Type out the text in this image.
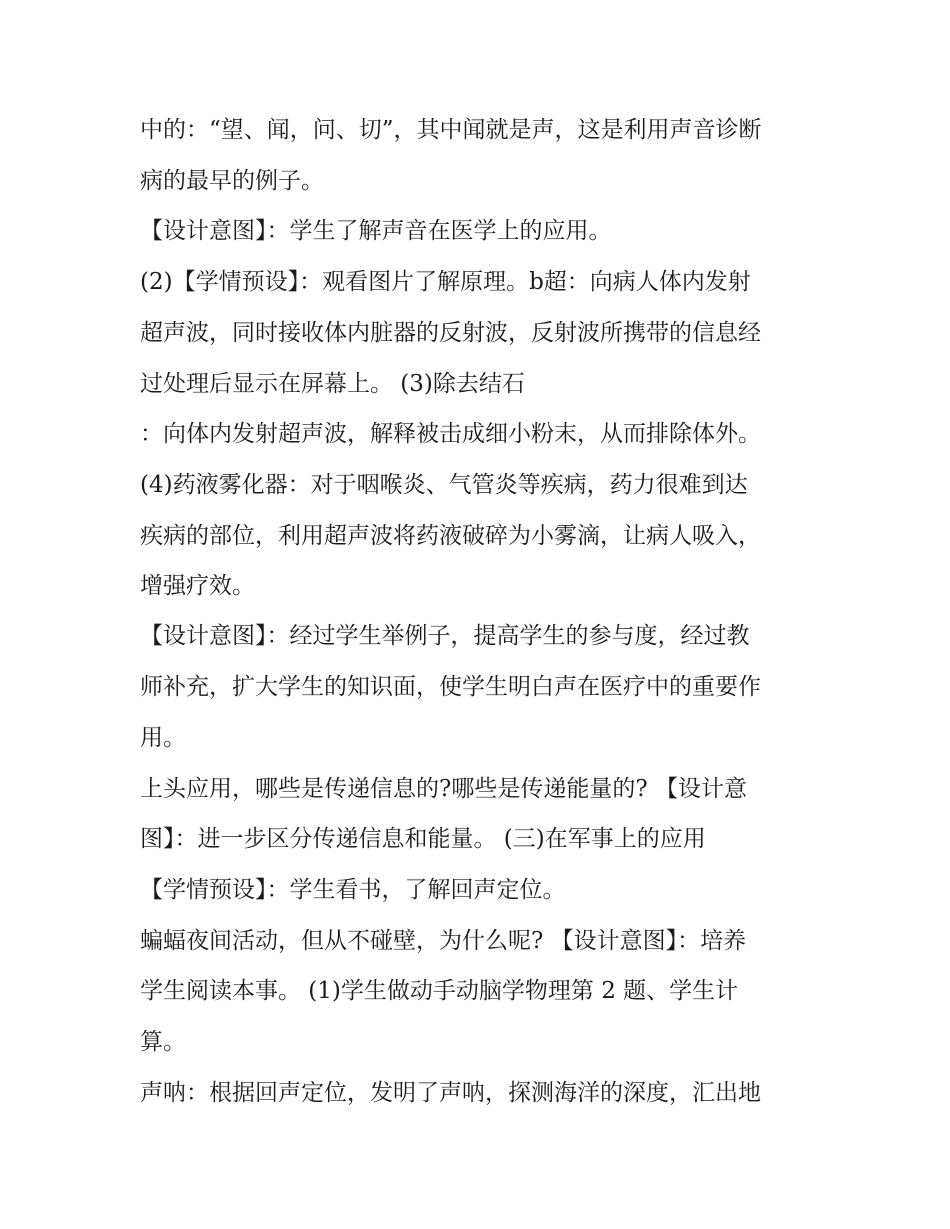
中的：“望、闻，问、切”，其中闻就是声，这是利用声音诊断
病的最早的例子。
【设计意图】：学生了解声音在医学上的应用。
(2)【学情预设】：观看图片了解原理。b超：向病人体内发射
超声波，同时接收体内脏器的反射波，反射波所携带的信息经
过处理后显示在屏幕上。 (3)除去结石
：向体内发射超声波，解释被击成细小粉末，从而排除体外。
(4)药液雾化器：对于咽喉炎、气管炎等疾病，药力很难到达
疾病的部位，利用超声波将药液破碎为小雾滴，让病人吸入，
增强疗效。
【设计意图】：经过学生举例子，提高学生的参与度，经过教
师补充，扩大学生的知识面，使学生明白声在医疗中的重要作
用。
上头应用，哪些是传递信息的?哪些是传递能量的? 【设计意
图】：进一步区分传递信息和能量。 (三)在军事上的应用
【学情预设】：学生看书，了解回声定位。
蝙蝠夜间活动，但从不碰壁，为什么呢? 【设计意图】：培养
学生阅读本事。 (1)学生做动手动脑学物理第 2 题、学生计
算。
声呐：根据回声定位，发明了声呐，探测海洋的深度，汇出地
